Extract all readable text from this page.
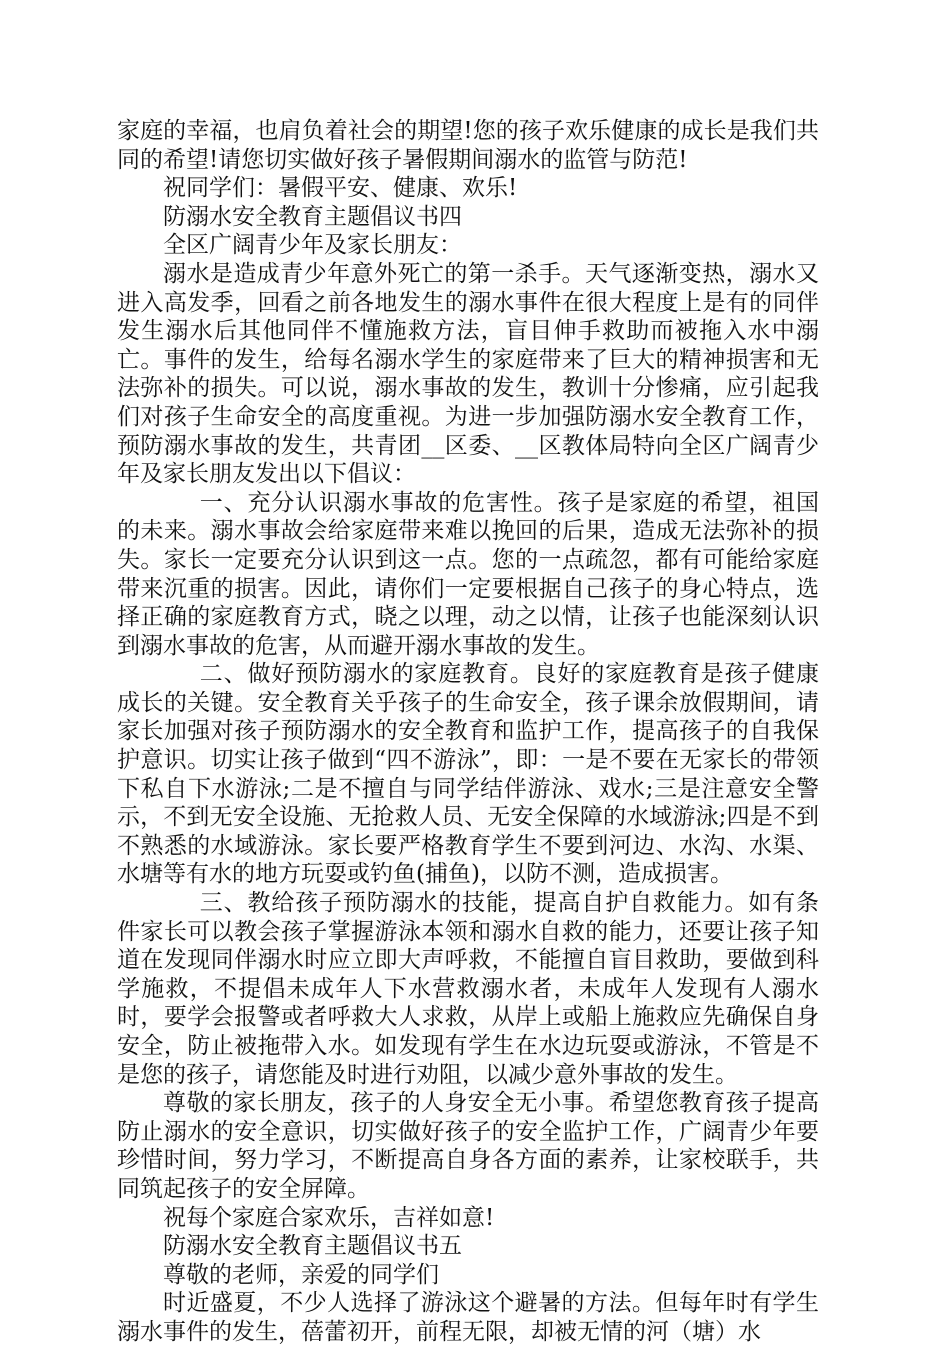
家庭的幸福，也肩负着社会的期望!您的孩子欢乐健康的成长是我们共同的希望!请您切实做好孩子暑假期间溺水的监管与防范!

祝同学们：暑假平安、健康、欢乐!

防溺水安全教育主题倡议书四

全区广阔青少年及家长朋友：

溺水是造成青少年意外死亡的第一杀手。天气逐渐变热，溺水又进入高发季，回看之前各地发生的溺水事件在很大程度上是有的同伴发生溺水后其他同伴不懂施救方法，盲目伸手救助而被拖入水中溺亡。事件的发生，给每名溺水学生的家庭带来了巨大的精神损害和无法弥补的损失。可以说，溺水事故的发生，教训十分惨痛，应引起我们对孩子生命安全的高度重视。为进一步加强防溺水安全教育工作，预防溺水事故的发生，共青团__区委、__区教体局特向全区广阔青少年及家长朋友发出以下倡议：

一、充分认识溺水事故的危害性。孩子是家庭的希望，祖国的未来。溺水事故会给家庭带来难以挽回的后果，造成无法弥补的损失。家长一定要充分认识到这一点。您的一点疏忽，都有可能给家庭带来沉重的损害。因此，请你们一定要根据自己孩子的身心特点，选择正确的家庭教育方式，晓之以理，动之以情，让孩子也能深刻认识到溺水事故的危害，从而避开溺水事故的发生。

二、做好预防溺水的家庭教育。良好的家庭教育是孩子健康成长的关键。安全教育关乎孩子的生命安全，孩子课余放假期间，请家长加强对孩子预防溺水的安全教育和监护工作，提高孩子的自我保护意识。切实让孩子做到“四不游泳”，即：一是不要在无家长的带领下私自下水游泳;二是不擅自与同学结伴游泳、戏水;三是注意安全警示，不到无安全设施、无抢救人员、无安全保障的水域游泳;四是不到不熟悉的水域游泳。家长要严格教育学生不要到河边、水沟、水渠、水塘等有水的地方玩耍或钓鱼(捕鱼)，以防不测，造成损害。

三、教给孩子预防溺水的技能，提高自护自救能力。如有条件家长可以教会孩子掌握游泳本领和溺水自救的能力，还要让孩子知道在发现同伴溺水时应立即大声呼救，不能擅自盲目救助，要做到科学施救，不提倡未成年人下水营救溺水者，未成年人发现有人溺水时，要学会报警或者呼救大人求救，从岸上或船上施救应先确保自身安全，防止被拖带入水。如发现有学生在水边玩耍或游泳，不管是不是您的孩子，请您能及时进行劝阻，以减少意外事故的发生。

尊敬的家长朋友，孩子的人身安全无小事。希望您教育孩子提高防止溺水的安全意识，切实做好孩子的安全监护工作，广阔青少年要珍惜时间，努力学习，不断提高自身各方面的素养，让家校联手，共同筑起孩子的安全屏障。

祝每个家庭合家欢乐，吉祥如意!

防溺水安全教育主题倡议书五

尊敬的老师，亲爱的同学们

时近盛夏，不少人选择了游泳这个避暑的方法。但每年时有学生溺水事件的发生，蓓蕾初开，前程无限，却被无情的河（塘）水
